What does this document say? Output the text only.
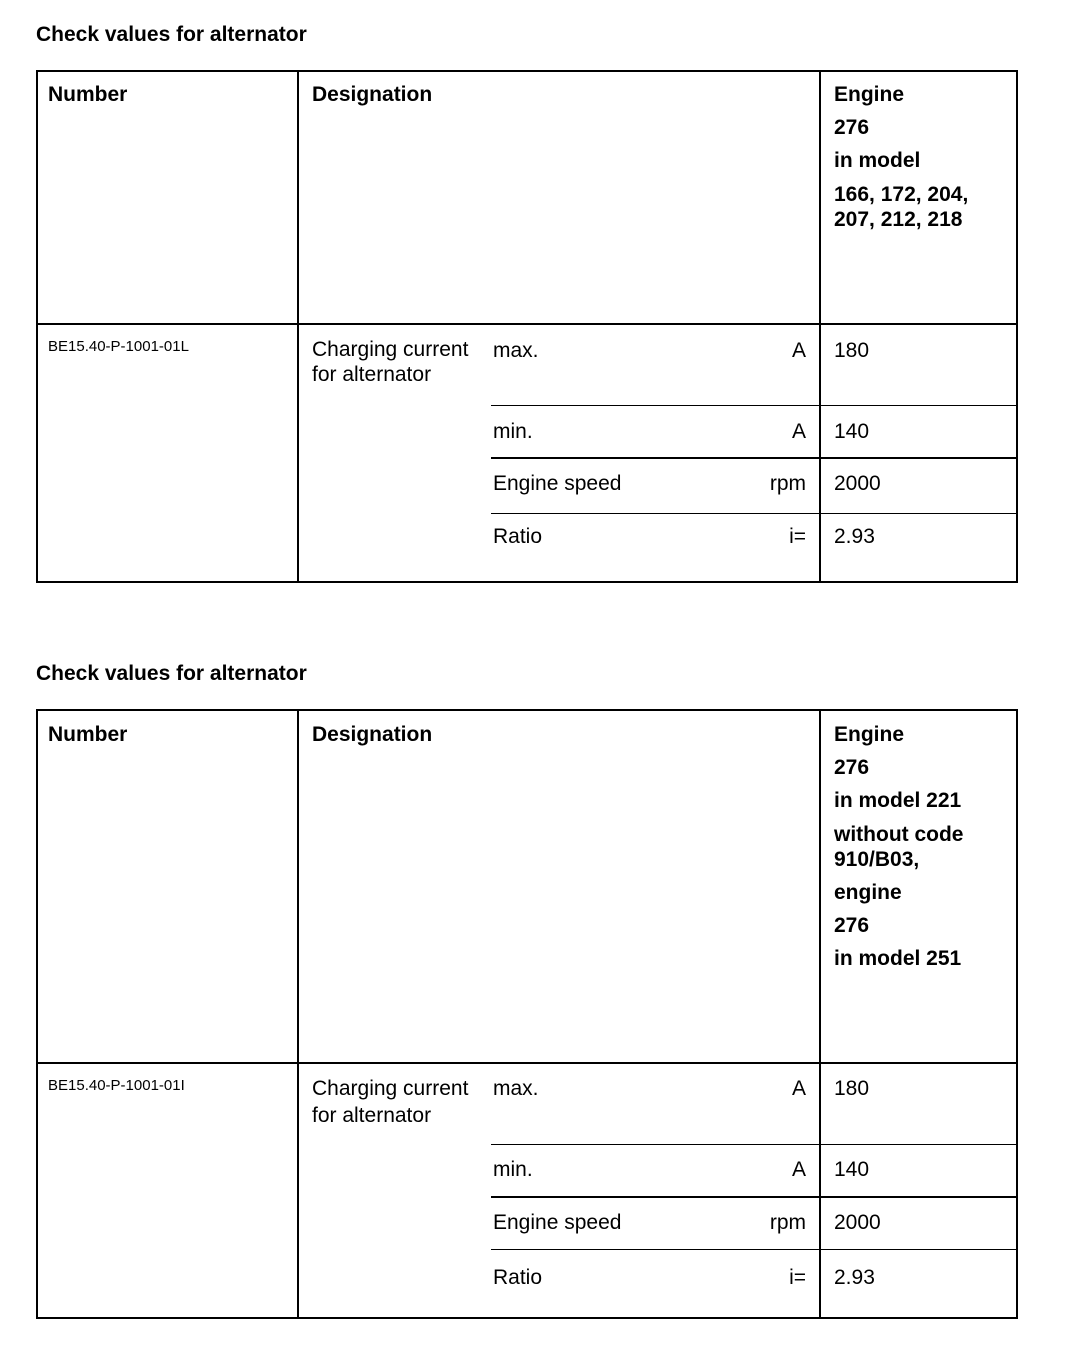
Check values for alternator
Number	Designation	Engine
276
in model
166, 172, 204,
207, 212, 218
BE15.40-P-1001-01L	Charging current
for alternator
max.	A 180
min.	A 140
Engine speed	rpm 2000
Ratio	i= 2.93
Check values for alternator
Number	Designation	Engine
276
in model 221
without code
910/B03,
engine
276
in model 251
BE15.40-P-1001-01I	Charging current
for alternator
max.	A 180
min.	A 140
Engine speed	rpm 2000
Ratio	i= 2.93
